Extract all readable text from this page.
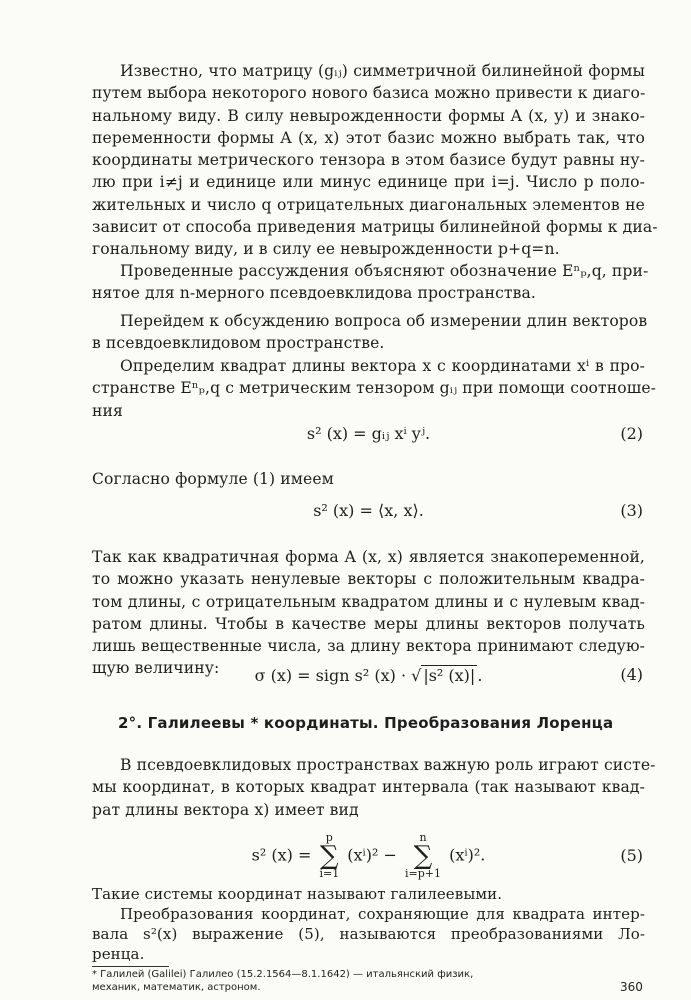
Известно, что матрицу (gᵢⱼ) симметричной билинейной формы
путем выбора некоторого нового базиса можно привести к диаго-
нальному виду. В силу невырожденности формы A (x, y) и знако-
переменности формы A (x, x) этот базис можно выбрать так, что
координаты метрического тензора в этом базисе будут равны ну-
лю при i≠j и единице или минус единице при i=j. Число p поло-
жительных и число q отрицательных диагональных элементов не
зависит от способа приведения матрицы билинейной формы к диа-
гональному виду, и в силу ее невырожденности p+q=n.

Проведенные рассуждения объясняют обозначение Eⁿₚ,q, при-
нятое для n-мерного псевдоевклидова пространства.

Перейдем к обсуждению вопроса об измерении длин векторов
в псевдоевклидовом пространстве.

Определим квадрат длины вектора x с координатами xⁱ в про-
странстве Eⁿₚ,q с метрическим тензором gᵢⱼ при помощи соотноше-
ния

s² (x) = gᵢⱼ xⁱ yʲ.	(2)

Согласно формуле (1) имеем

s² (x) = ⟨x, x⟩.	(3)

Так как квадратичная форма A (x, x) является знакопеременной,
то можно указать ненулевые векторы с положительным квадра-
том длины, с отрицательным квадратом длины и с нулевым квад-
ратом длины. Чтобы в качестве меры длины векторов получать
лишь вещественные числа, за длину вектора принимают следую-
щую величину:	σ (x) = sign s² (x) · √ |s² (x)| .	(4)
2°. Галилеевы * координаты. Преобразования Лоренца

В псевдоевклидовых пространствах важную роль играют систе-
мы координат, в которых квадрат интервала (так называют квад-
рат длины вектора x) имеет вид

s² (x) = p
∑
i=1 (xⁱ)² − n
∑
i=p+1 (xⁱ)².	(5)

Такие системы координат называют галилеевыми.

Преобразования координат, сохраняющие для квадрата интер-
вала s²(x) выражение (5), называются преобразованиями Ло-
ренца.

* Галилей (Galilei) Галилео (15.2.1564—8.1.1642) — итальянский физик,
механик, математик, астроном.	360
